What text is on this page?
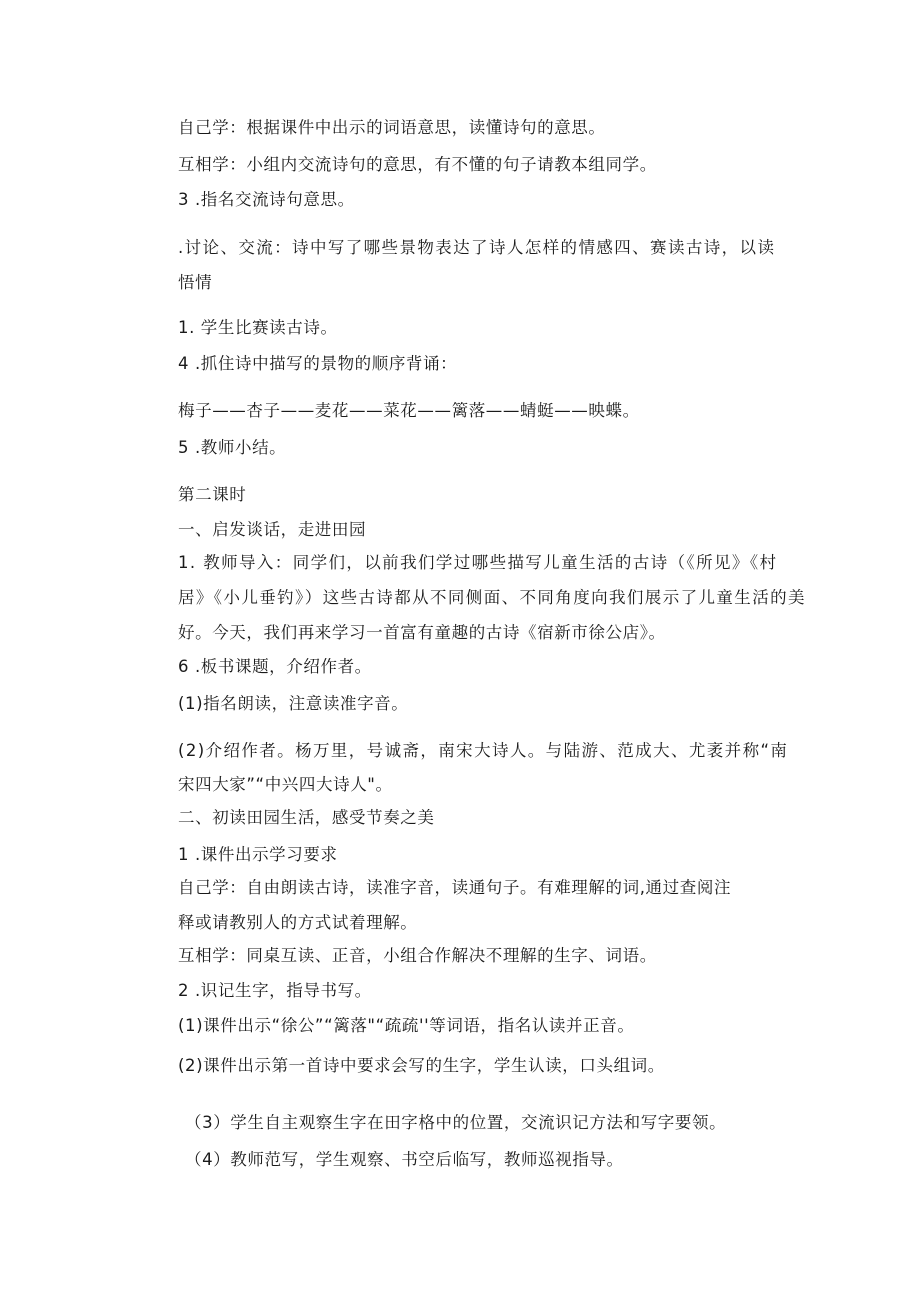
自己学：根据课件中出示的词语意思，读懂诗句的意思。

互相学：小组内交流诗句的意思，有不懂的句子请教本组同学。

3 .指名交流诗句意思。

.讨论、交流：诗中写了哪些景物表达了诗人怎样的情感四、赛读古诗，以读

悟情

1. 学生比赛读古诗。

4 .抓住诗中描写的景物的顺序背诵：

梅子——杏子——麦花——菜花——篱落——蜻蜓——映蝶。

5 .教师小结。

第二课时

一、启发谈话，走进田园

1. 教师导入：同学们，以前我们学过哪些描写儿童生活的古诗（《所见》《村

居》《小儿垂钓》）这些古诗都从不同侧面、不同角度向我们展示了儿童生活的美

好。今天，我们再来学习一首富有童趣的古诗《宿新市徐公店》。

6 .板书课题，介绍作者。

(1)指名朗读，注意读准字音。

(2)介绍作者。杨万里，号诚斋，南宋大诗人。与陆游、范成大、尤袤并称“南

宋四大家”“中兴四大诗人"。

二、初读田园生活，感受节奏之美

1 .课件出示学习要求

自己学：自由朗读古诗，读准字音，读通句子。有难理解的词,通过查阅注

释或请教别人的方式试着理解。

互相学：同桌互读、正音，小组合作解决不理解的生字、词语。

2 .识记生字，指导书写。

(1)课件出示“徐公”“篱落"“疏疏''等词语，指名认读并正音。

(2)课件出示第一首诗中要求会写的生字，学生认读，口头组词。

（3）学生自主观察生字在田字格中的位置，交流识记方法和写字要领。

（4）教师范写，学生观察、书空后临写，教师巡视指导。
